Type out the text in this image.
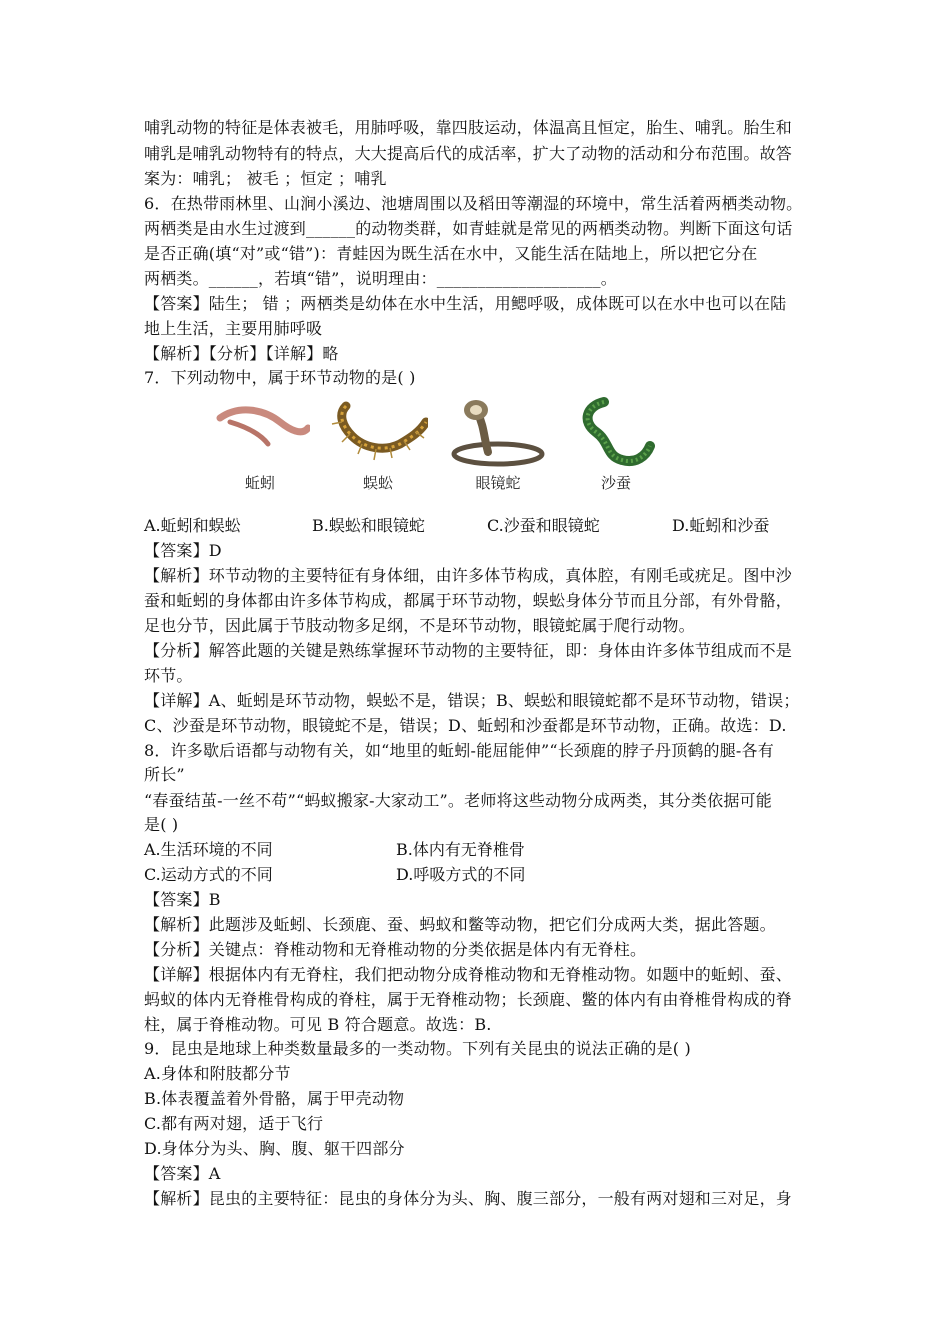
哺乳动物的特征是体表被毛，用肺呼吸，靠四肢运动，体温高且恒定，胎生、哺乳。胎生和
哺乳是哺乳动物特有的特点，大大提高后代的成活率，扩大了动物的活动和分布范围。故答
案为：哺乳； 被毛 ；恒定 ；哺乳
6．在热带雨林里、山涧小溪边、池塘周围以及稻田等潮湿的环境中，常生活着两栖类动物。
两栖类是由水生过渡到______的动物类群，如青蛙就是常见的两栖类动物。判断下面这句话
是否正确(填“对”或“错”)：青蛙因为既生活在水中，又能生活在陆地上，所以把它分在
两栖类。______，若填“错”，说明理由：____________________。
【答案】陆生； 错 ；两栖类是幼体在水中生活，用鳃呼吸，成体既可以在水中也可以在陆
地上生活，主要用肺呼吸
【解析】【分析】【详解】略
7．下列动物中，属于环节动物的是( )
蚯蚓	蜈蚣	眼镜蛇	沙蚕
A.蚯蚓和蜈蚣	B.蜈蚣和眼镜蛇	C.沙蚕和眼镜蛇	D.蚯蚓和沙蚕
【答案】D
【解析】环节动物的主要特征有身体细，由许多体节构成，真体腔，有刚毛或疣足。图中沙
蚕和蚯蚓的身体都由许多体节构成，都属于环节动物，蜈蚣身体分节而且分部，有外骨骼，
足也分节，因此属于节肢动物多足纲，不是环节动物，眼镜蛇属于爬行动物。
【分析】解答此题的关键是熟练掌握环节动物的主要特征，即：身体由许多体节组成而不是
环节。
【详解】A、蚯蚓是环节动物，蜈蚣不是，错误；B、蜈蚣和眼镜蛇都不是环节动物，错误；
C、沙蚕是环节动物，眼镜蛇不是，错误；D、蚯蚓和沙蚕都是环节动物，正确。故选：D.
8．许多歇后语都与动物有关，如“地里的蚯蚓-能屈能伸”“长颈鹿的脖子丹顶鹤的腿-各有
所长”
“春蚕结茧-一丝不苟”“蚂蚁搬家-大家动工”。老师将这些动物分成两类，其分类依据可能
是( )
A.生活环境的不同	B.体内有无脊椎骨
C.运动方式的不同	D.呼吸方式的不同
【答案】B
【解析】此题涉及蚯蚓、长颈鹿、蚕、蚂蚁和鳖等动物，把它们分成两大类，据此答题。
【分析】关键点：脊椎动物和无脊椎动物的分类依据是体内有无脊柱。
【详解】根据体内有无脊柱，我们把动物分成脊椎动物和无脊椎动物。如题中的蚯蚓、蚕、
蚂蚁的体内无脊椎骨构成的脊柱，属于无脊椎动物；长颈鹿、鳖的体内有由脊椎骨构成的脊
柱，属于脊椎动物。可见 B 符合题意。故选：B.
9．昆虫是地球上种类数量最多的一类动物。下列有关昆虫的说法正确的是( )
A.身体和附肢都分节
B.体表覆盖着外骨骼，属于甲壳动物
C.都有两对翅，适于飞行
D.身体分为头、胸、腹、躯干四部分
【答案】A
【解析】昆虫的主要特征：昆虫的身体分为头、胸、腹三部分，一般有两对翅和三对足，身
